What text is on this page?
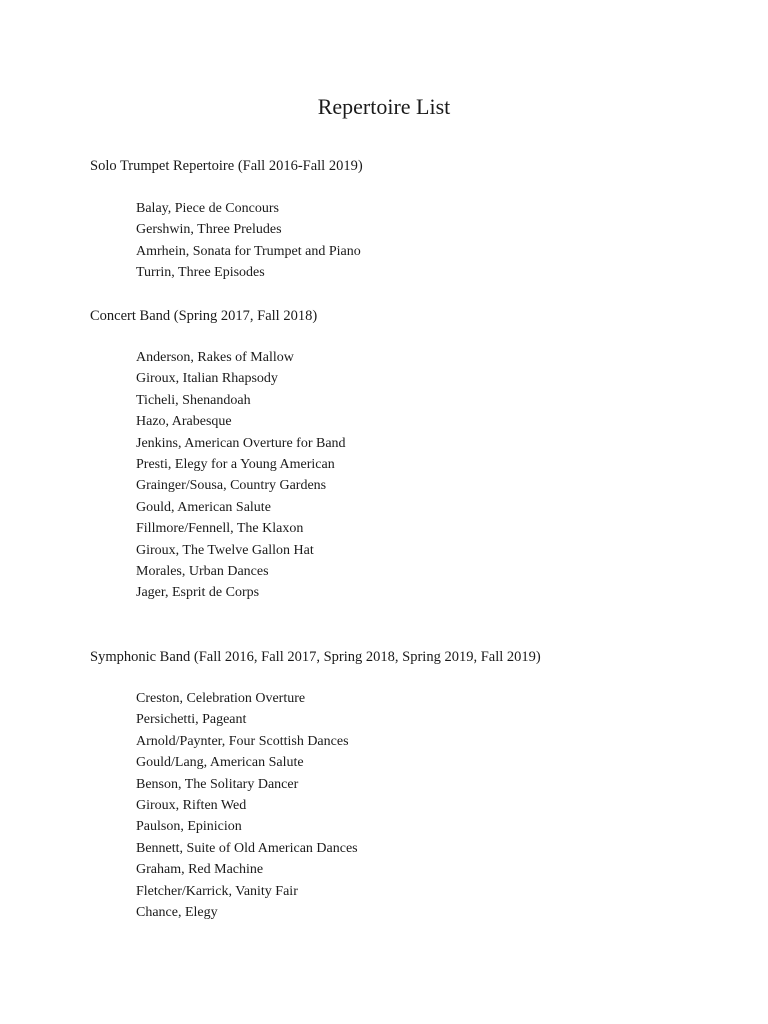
Repertoire List
Solo Trumpet Repertoire (Fall 2016-Fall 2019)
Balay, Piece de Concours
Gershwin, Three Preludes
Amrhein, Sonata for Trumpet and Piano
Turrin, Three Episodes
Concert Band (Spring 2017, Fall 2018)
Anderson, Rakes of Mallow
Giroux, Italian Rhapsody
Ticheli, Shenandoah
Hazo, Arabesque
Jenkins, American Overture for Band
Presti, Elegy for a Young American
Grainger/Sousa, Country Gardens
Gould, American Salute
Fillmore/Fennell, The Klaxon
Giroux, The Twelve Gallon Hat
Morales, Urban Dances
Jager, Esprit de Corps
Symphonic Band (Fall 2016, Fall 2017, Spring 2018, Spring 2019, Fall 2019)
Creston, Celebration Overture
Persichetti, Pageant
Arnold/Paynter, Four Scottish Dances
Gould/Lang, American Salute
Benson, The Solitary Dancer
Giroux, Riften Wed
Paulson, Epinicion
Bennett, Suite of Old American Dances
Graham, Red Machine
Fletcher/Karrick, Vanity Fair
Chance, Elegy
